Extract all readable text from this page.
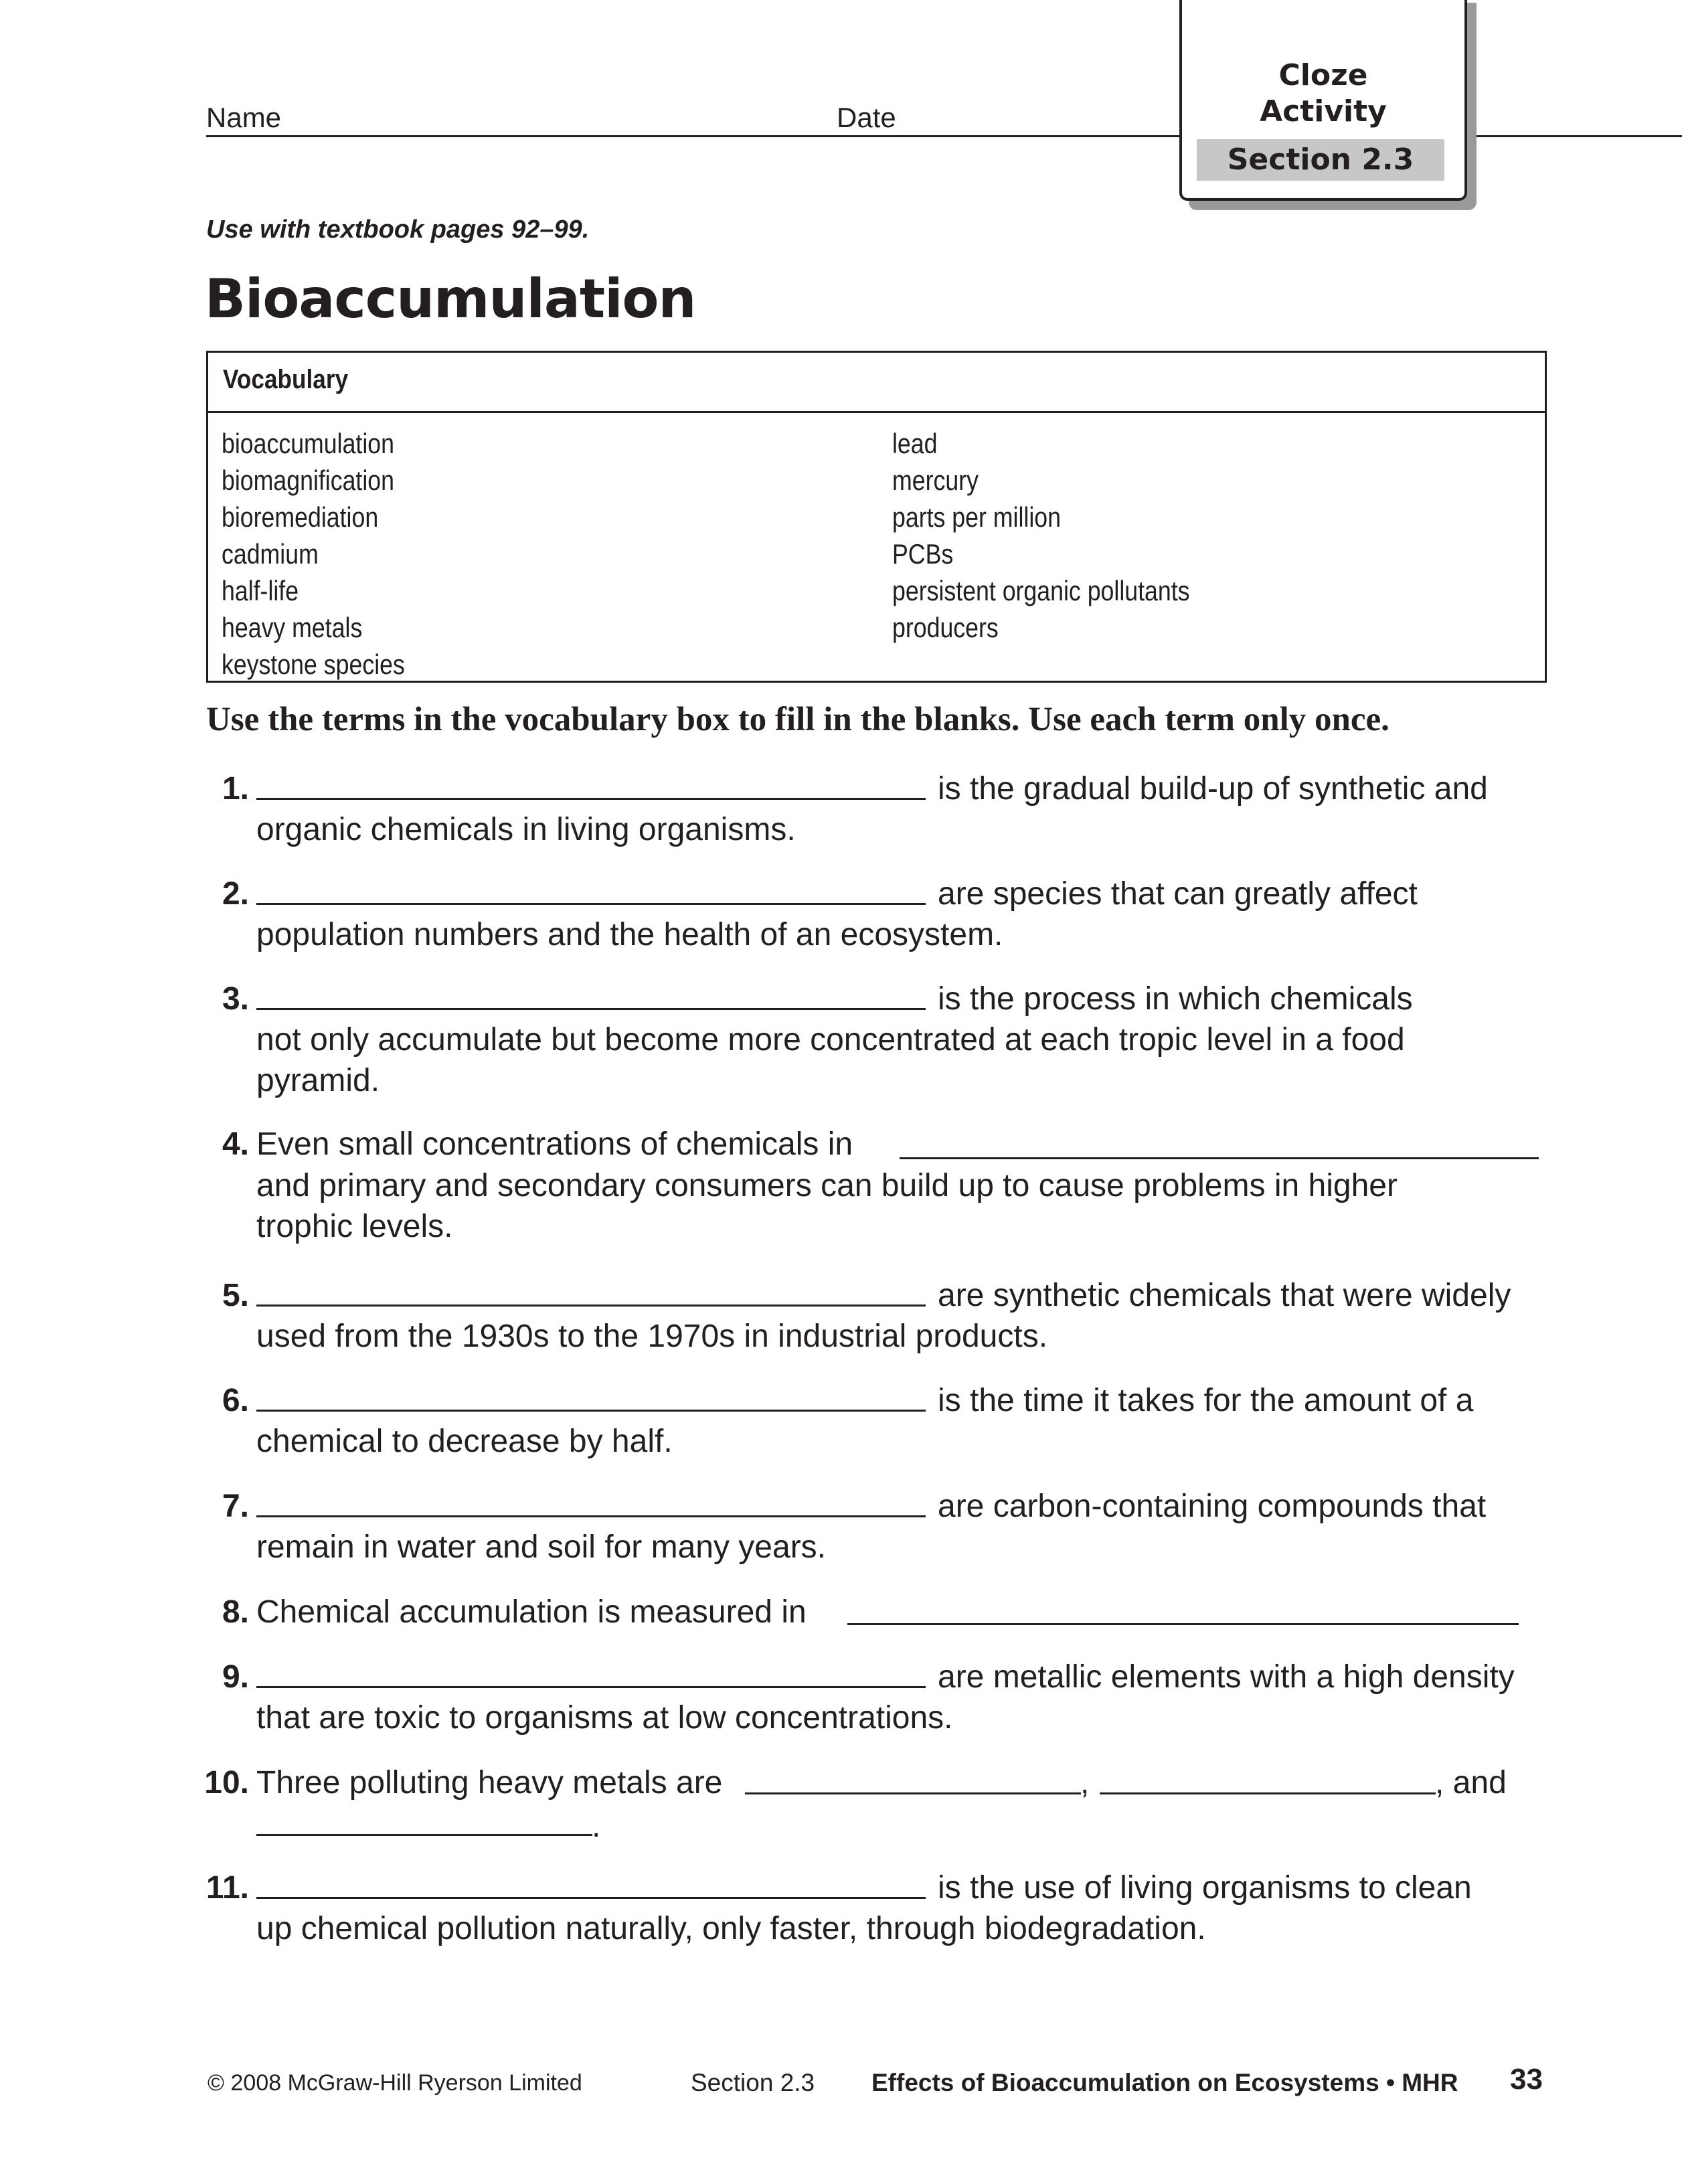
Name	Date
Cloze
Activity
Section 2.3
Use with textbook pages 92–99.
Bioaccumulation
Vocabulary
bioaccumulation
biomagnification
bioremediation
cadmium
half-life
heavy metals
keystone species
lead
mercury
parts per million
PCBs
persistent organic pollutants
producers
Use the terms in the vocabulary box to fill in the blanks. Use each term only once.
1.	is the gradual build-up of synthetic and
organic chemicals in living organisms.
2.	are species that can greatly affect
population numbers and the health of an ecosystem.
3.	is the process in which chemicals
not only accumulate but become more concentrated at each tropic level in a food
pyramid.
4. Even small concentrations of chemicals in
and primary and secondary consumers can build up to cause problems in higher
trophic levels.
5.	are synthetic chemicals that were widely
used from the 1930s to the 1970s in industrial products.
6.	is the time it takes for the amount of a
chemical to decrease by half.
7.	are carbon-containing compounds that
remain in water and soil for many years.
8. Chemical accumulation is measured in
9.	are metallic elements with a high density
that are toxic to organisms at low concentrations.
10. Three polluting heavy metals are	,	, and
.
11.	is the use of living organisms to clean
up chemical pollution naturally, only faster, through biodegradation.
© 2008 McGraw-Hill Ryerson Limited	Section 2.3 Effects of Bioaccumulation on Ecosystems • MHR 33
